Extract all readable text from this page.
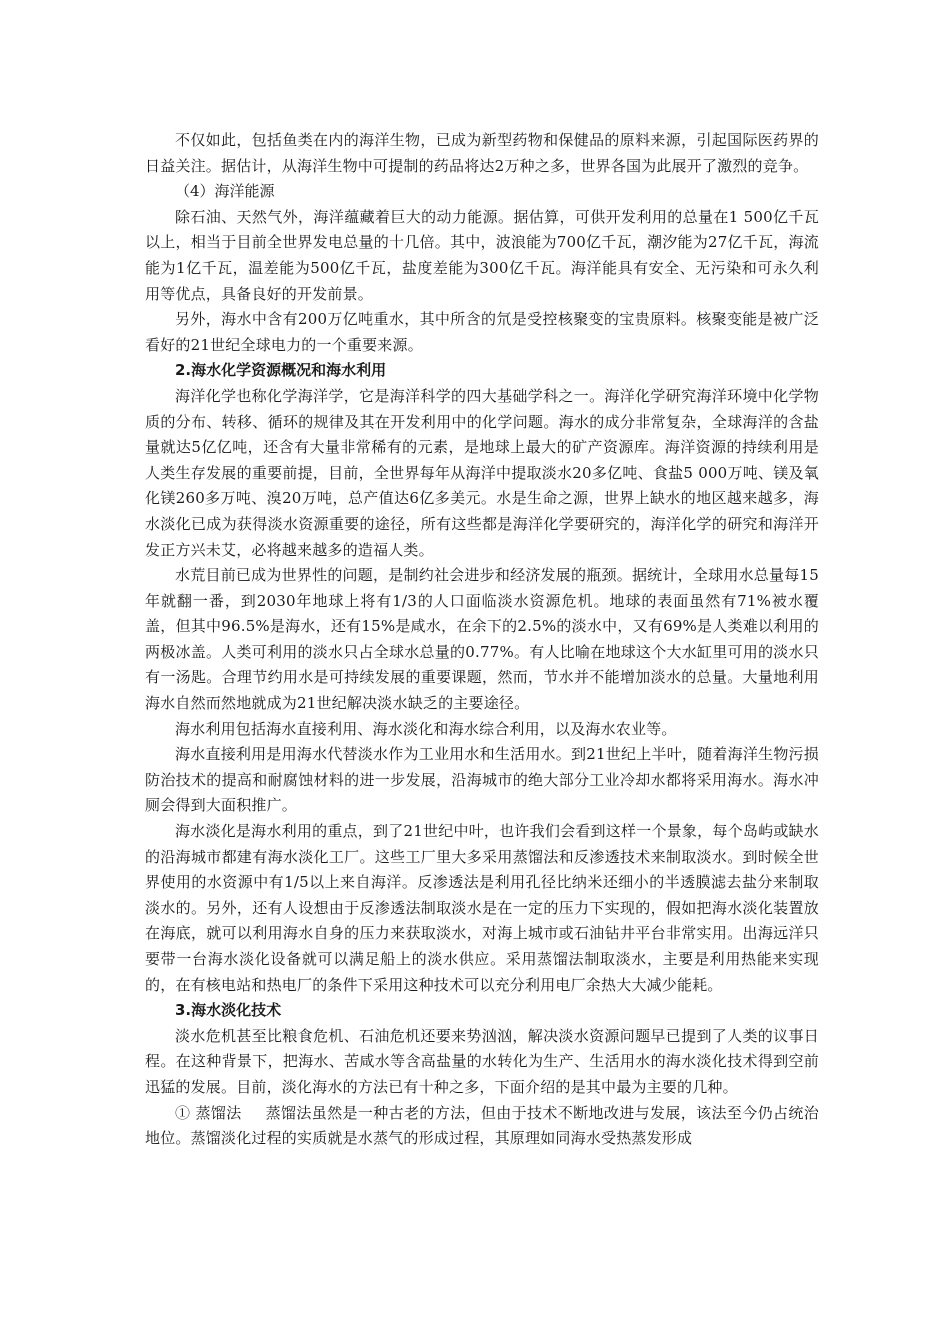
不仅如此，包括鱼类在内的海洋生物，已成为新型药物和保健品的原料来源，引起国际医药界的日益关注。据估计，从海洋生物中可提制的药品将达2万种之多，世界各国为此展开了激烈的竞争。

（4）海洋能源

除石油、天然气外，海洋蕴藏着巨大的动力能源。据估算，可供开发利用的总量在1 500亿千瓦以上，相当于目前全世界发电总量的十几倍。其中，波浪能为700亿千瓦，潮汐能为27亿千瓦，海流能为1亿千瓦，温差能为500亿千瓦，盐度差能为300亿千瓦。海洋能具有安全、无污染和可永久利用等优点，具备良好的开发前景。

另外，海水中含有200万亿吨重水，其中所含的氘是受控核聚变的宝贵原料。核聚变能是被广泛看好的21世纪全球电力的一个重要来源。

2.海水化学资源概况和海水利用

海洋化学也称化学海洋学，它是海洋科学的四大基础学科之一。海洋化学研究海洋环境中化学物质的分布、转移、循环的规律及其在开发利用中的化学问题。海水的成分非常复杂，全球海洋的含盐量就达5亿亿吨，还含有大量非常稀有的元素，是地球上最大的矿产资源库。海洋资源的持续利用是人类生存发展的重要前提，目前，全世界每年从海洋中提取淡水20多亿吨、食盐5 000万吨、镁及氧化镁260多万吨、溴20万吨，总产值达6亿多美元。水是生命之源，世界上缺水的地区越来越多，海水淡化已成为获得淡水资源重要的途径，所有这些都是海洋化学要研究的，海洋化学的研究和海洋开发正方兴未艾，必将越来越多的造福人类。

水荒目前已成为世界性的问题，是制约社会进步和经济发展的瓶颈。据统计，全球用水总量每15年就翻一番，到2030年地球上将有1/3的人口面临淡水资源危机。地球的表面虽然有71%被水覆盖，但其中96.5%是海水，还有15%是咸水，在余下的2.5%的淡水中，又有69%是人类难以利用的两极冰盖。人类可利用的淡水只占全球水总量的0.77%。有人比喻在地球这个大水缸里可用的淡水只有一汤匙。合理节约用水是可持续发展的重要课题，然而，节水并不能增加淡水的总量。大量地利用海水自然而然地就成为21世纪解决淡水缺乏的主要途径。

海水利用包括海水直接利用、海水淡化和海水综合利用，以及海水农业等。

海水直接利用是用海水代替淡水作为工业用水和生活用水。到21世纪上半叶，随着海洋生物污损防治技术的提高和耐腐蚀材料的进一步发展，沿海城市的绝大部分工业冷却水都将采用海水。海水冲厕会得到大面积推广。

海水淡化是海水利用的重点，到了21世纪中叶，也许我们会看到这样一个景象，每个岛屿或缺水的沿海城市都建有海水淡化工厂。这些工厂里大多采用蒸馏法和反渗透技术来制取淡水。到时候全世界使用的水资源中有1/5以上来自海洋。反渗透法是利用孔径比纳米还细小的半透膜滤去盐分来制取淡水的。另外，还有人设想由于反渗透法制取淡水是在一定的压力下实现的，假如把海水淡化装置放在海底，就可以利用海水自身的压力来获取淡水，对海上城市或石油钻井平台非常实用。出海远洋只要带一台海水淡化设备就可以满足船上的淡水供应。采用蒸馏法制取淡水，主要是利用热能来实现的，在有核电站和热电厂的条件下采用这种技术可以充分利用电厂余热大大减少能耗。

3.海水淡化技术

淡水危机甚至比粮食危机、石油危机还要来势汹汹，解决淡水资源问题早已提到了人类的议事日程。在这种背景下，把海水、苦咸水等含高盐量的水转化为生产、生活用水的海水淡化技术得到空前迅猛的发展。目前，淡化海水的方法已有十种之多，下面介绍的是其中最为主要的几种。

① 蒸馏法 蒸馏法虽然是一种古老的方法，但由于技术不断地改进与发展，该法至今仍占统治地位。蒸馏淡化过程的实质就是水蒸气的形成过程，其原理如同海水受热蒸发形成
